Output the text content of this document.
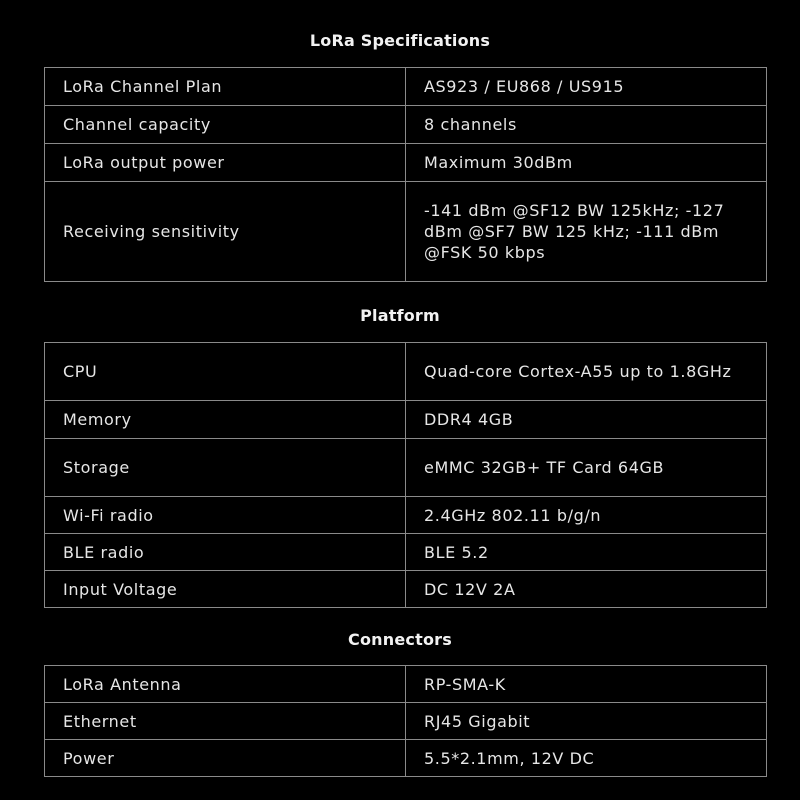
LoRa Specifications
LoRa Channel Plan	AS923 / EU868 / US915
Channel capacity	8 channels
LoRa output power	Maximum 30dBm
Receiving sensitivity	-141 dBm @SF12 BW 125kHz; -127 dBm @SF7 BW 125 kHz; -111 dBm @FSK 50 kbps
Platform
CPU	Quad-core Cortex-A55 up to 1.8GHz
Memory	DDR4 4GB
Storage	eMMC 32GB+ TF Card 64GB
Wi-Fi radio	2.4GHz 802.11 b/g/n
BLE radio	BLE 5.2
Input Voltage	DC 12V 2A
Connectors
LoRa Antenna	RP-SMA-K
Ethernet	RJ45 Gigabit
Power	5.5*2.1mm, 12V DC
